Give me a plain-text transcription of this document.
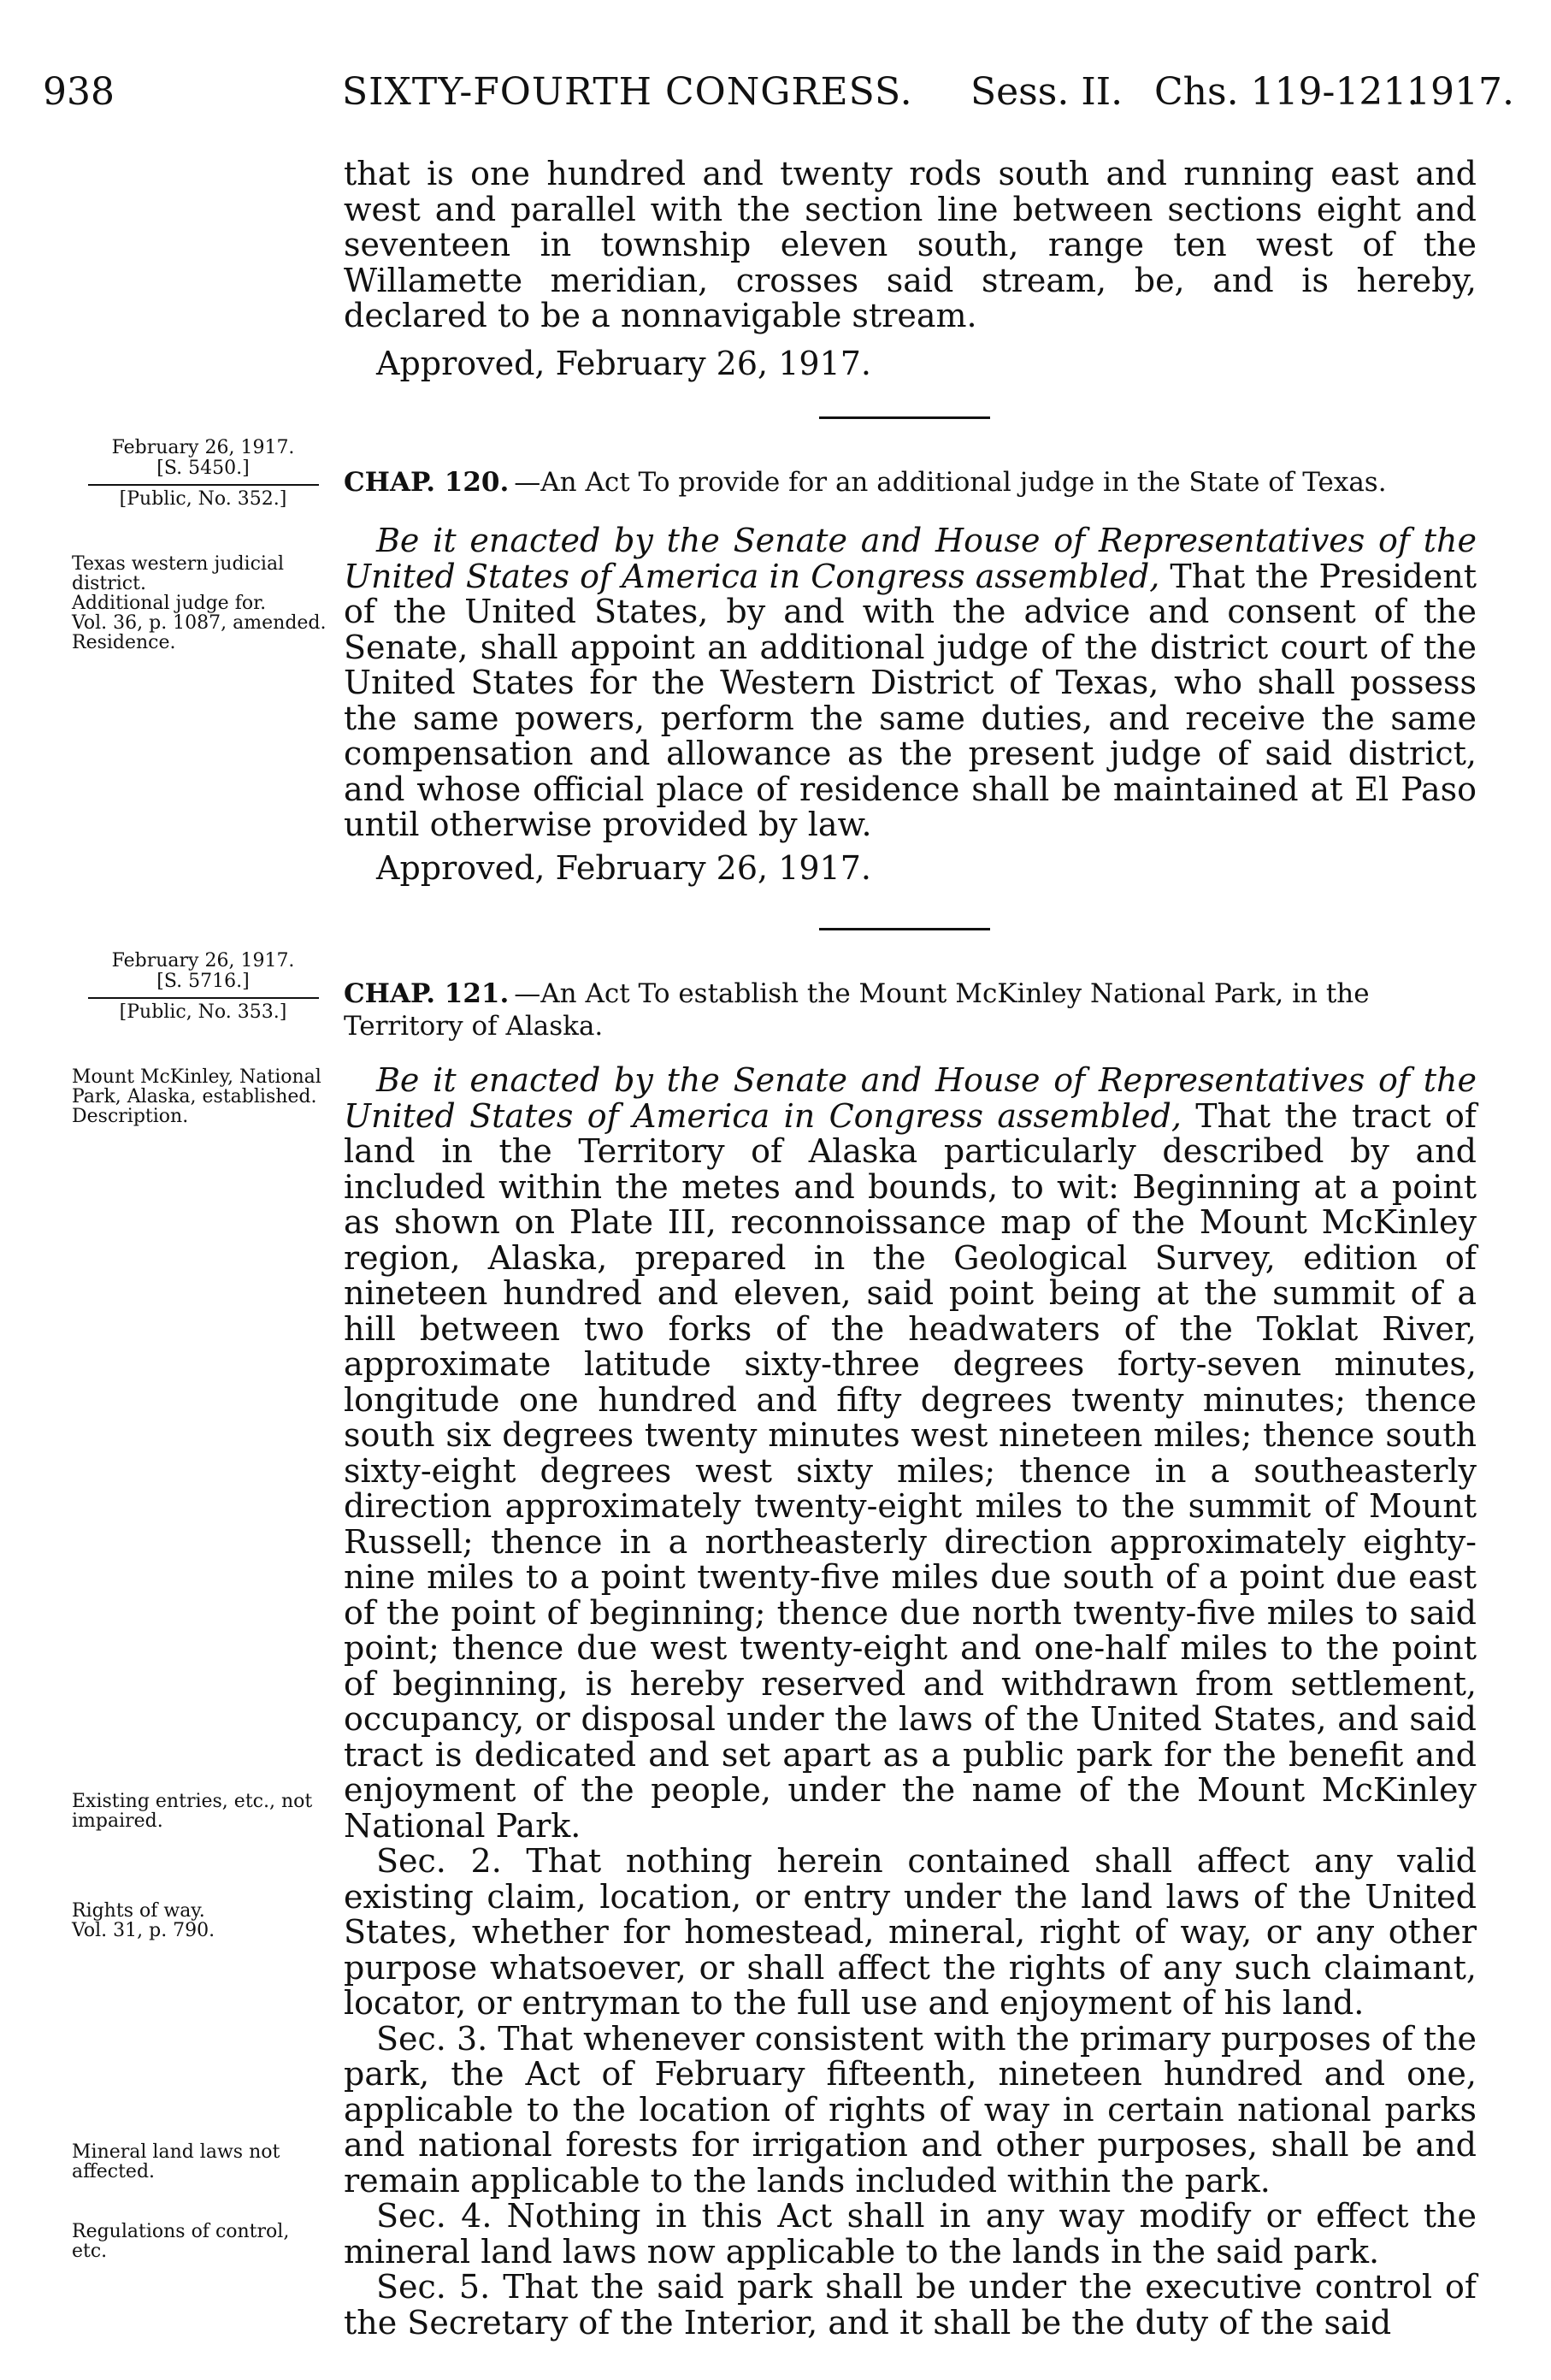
938	SIXTY-FOURTH CONGRESS. Sess. II. Chs. 119-121.
1917.

that is one hundred and twenty rods south and running east and west and parallel with the section line between sections eight and seventeen in township eleven south, range ten west of the Willamette meridian, crosses said stream, be, and is hereby, declared to be a nonnavigable stream.

Approved, February 26, 1917.
February 26, 1917.
[S. 5450.]
[Public, No. 352.]
Texas western judicial district.
Additional judge for.
Vol. 36, p. 1087, amended.
Residence.
CHAP. 120. —An Act To provide for an additional judge in the State of Texas.

Be it enacted by the Senate and House of Representatives of the United States of America in Congress assembled, That the President of the United States, by and with the advice and consent of the Senate, shall appoint an additional judge of the district court of the United States for the Western District of Texas, who shall possess the same powers, perform the same duties, and receive the same compensation and allowance as the present judge of said district, and whose official place of residence shall be maintained at El Paso until otherwise provided by law.

Approved, February 26, 1917.
February 26, 1917.
[S. 5716.]
[Public, No. 353.]
Mount McKinley, National Park, Alaska, established.
Description.
Existing entries, etc., not impaired.
Rights of way.
Vol. 31, p. 790.
Mineral land laws not affected.
Regulations of control, etc.
CHAP. 121. —An Act To establish the Mount McKinley National Park, in the Territory of Alaska.

Be it enacted by the Senate and House of Representatives of the United States of America in Congress assembled, That the tract of land in the Territory of Alaska particularly described by and included within the metes and bounds, to wit: Beginning at a point as shown on Plate III, reconnoissance map of the Mount McKinley region, Alaska, prepared in the Geological Survey, edition of nineteen hundred and eleven, said point being at the summit of a hill between two forks of the headwaters of the Toklat River, approximate latitude sixty-three degrees forty-seven minutes, longitude one hundred and fifty degrees twenty minutes; thence south six degrees twenty minutes west nineteen miles; thence south sixty-eight degrees west sixty miles; thence in a southeasterly direction approximately twenty-eight miles to the summit of Mount Russell; thence in a northeasterly direction approximately eighty-nine miles to a point twenty-five miles due south of a point due east of the point of beginning; thence due north twenty-five miles to said point; thence due west twenty-eight and one-half miles to the point of beginning, is hereby reserved and withdrawn from settlement, occupancy, or disposal under the laws of the United States, and said tract is dedicated and set apart as a public park for the benefit and enjoyment of the people, under the name of the Mount McKinley National Park.

Sec. 2. That nothing herein contained shall affect any valid existing claim, location, or entry under the land laws of the United States, whether for homestead, mineral, right of way, or any other purpose whatsoever, or shall affect the rights of any such claimant, locator, or entryman to the full use and enjoyment of his land.

Sec. 3. That whenever consistent with the primary purposes of the park, the Act of February fifteenth, nineteen hundred and one, applicable to the location of rights of way in certain national parks and national forests for irrigation and other purposes, shall be and remain applicable to the lands included within the park.

Sec. 4. Nothing in this Act shall in any way modify or effect the mineral land laws now applicable to the lands in the said park.

Sec. 5. That the said park shall be under the executive control of the Secretary of the Interior, and it shall be the duty of the said
